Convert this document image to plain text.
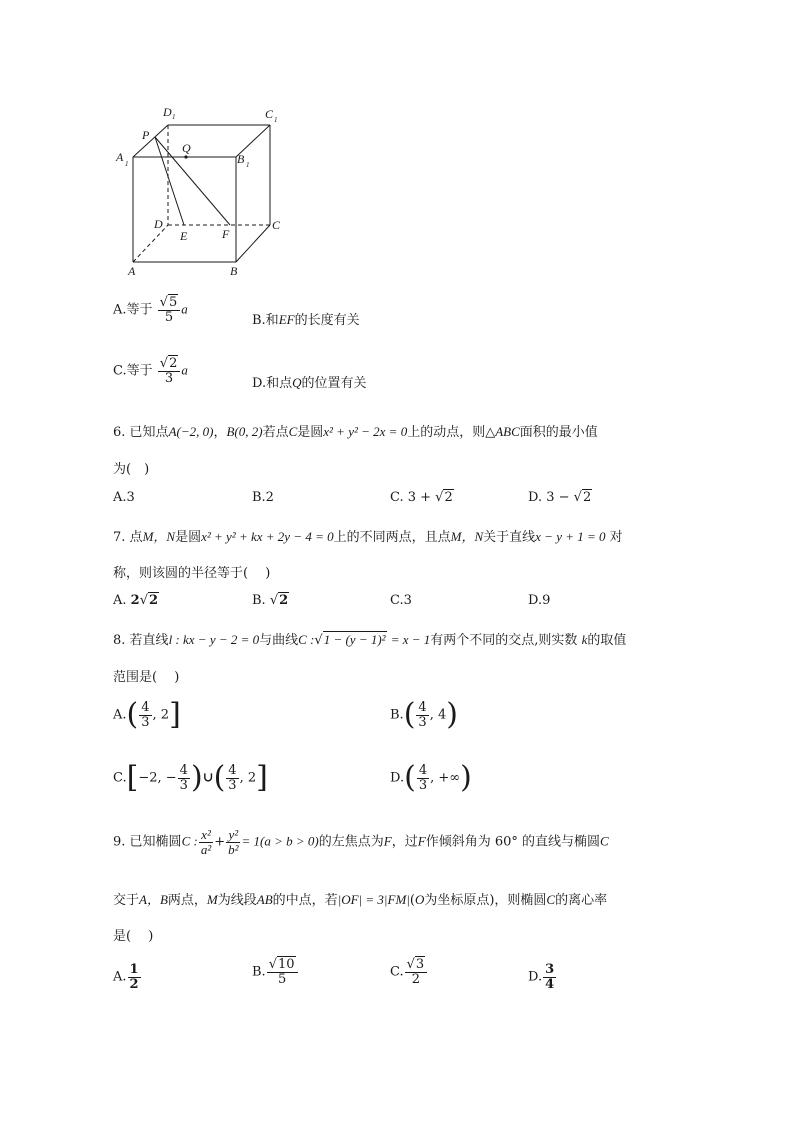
D 1	C 1
P
Q
A 1	B 1
D
E	F
C
A	B
A.等于 $\frac{√5}{5}$ a
B.和EF的长度有关
C.等于 $\frac{√2}{3}$ a
D.和点Q的位置有关
6. 已知点A(−2, 0)，B(0, 2)若点C是圆x² + y² − 2x = 0上的动点，则△ABC面积的最小值
为(　)
A.3	B.2	C. 3 + √2	D. 3 − √2
7. 点M，N是圆x² + y² + kx + 2y − 4 = 0上的不同两点，且点M，N关于直线x − y + 1 = 0 对
称，则该圆的半径等于(　 )
A. 2√2	B. √2	C.3	D.9
8. 若直线l : kx − y − 2 = 0与曲线C :√1 − (y − 1)² = x − 1有两个不同的交点,则实数 k的取值
范围是(　 )
$A.( \frac{4}{3}$ , 2]	$B.( \frac{4}{3}$ , 4)
C.[−2, − $\frac{4}{3}$ )∪( $\frac{4}{3}$ , 2]	$D.( \frac{4}{3}$ , +∞)
9. 已知椭圆C : $\frac{\text{x²}}{\text{a²}} + \frac{\text{y²}}{\text{b²}} = 1(a > b > 0)$的左焦点为F，过F作倾斜角为 60° 的直线与椭圆C
交于A，B两点，M为线段AB的中点，若|OF| = 3|FM|(O为坐标原点)，则椭圆C的离心率
是(　 )
A. $\frac{1}{2}$	B. $\frac{√10}{5}$	C. $\frac{√3}{2}$	D. $\frac{3}{4}$
